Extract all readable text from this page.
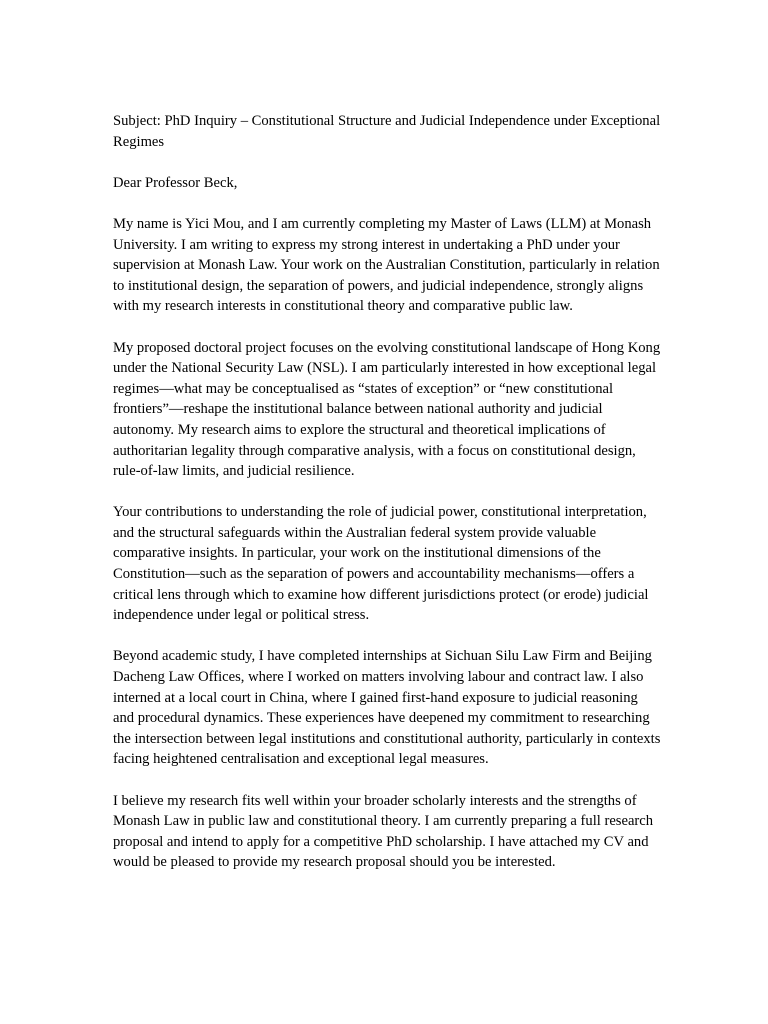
Subject: PhD Inquiry – Constitutional Structure and Judicial Independence under Exceptional Regimes

Dear Professor Beck,

My name is Yici Mou, and I am currently completing my Master of Laws (LLM) at Monash University. I am writing to express my strong interest in undertaking a PhD under your supervision at Monash Law. Your work on the Australian Constitution, particularly in relation to institutional design, the separation of powers, and judicial independence, strongly aligns with my research interests in constitutional theory and comparative public law.

My proposed doctoral project focuses on the evolving constitutional landscape of Hong Kong under the National Security Law (NSL). I am particularly interested in how exceptional legal regimes—what may be conceptualised as “states of exception” or “new constitutional frontiers”—reshape the institutional balance between national authority and judicial autonomy. My research aims to explore the structural and theoretical implications of authoritarian legality through comparative analysis, with a focus on constitutional design, rule-of-law limits, and judicial resilience.

Your contributions to understanding the role of judicial power, constitutional interpretation, and the structural safeguards within the Australian federal system provide valuable comparative insights. In particular, your work on the institutional dimensions of the Constitution—such as the separation of powers and accountability mechanisms—offers a critical lens through which to examine how different jurisdictions protect (or erode) judicial independence under legal or political stress.

Beyond academic study, I have completed internships at Sichuan Silu Law Firm and Beijing Dacheng Law Offices, where I worked on matters involving labour and contract law. I also interned at a local court in China, where I gained first-hand exposure to judicial reasoning and procedural dynamics. These experiences have deepened my commitment to researching the intersection between legal institutions and constitutional authority, particularly in contexts facing heightened centralisation and exceptional legal measures.

I believe my research fits well within your broader scholarly interests and the strengths of Monash Law in public law and constitutional theory. I am currently preparing a full research proposal and intend to apply for a competitive PhD scholarship. I have attached my CV and would be pleased to provide my research proposal should you be interested.
